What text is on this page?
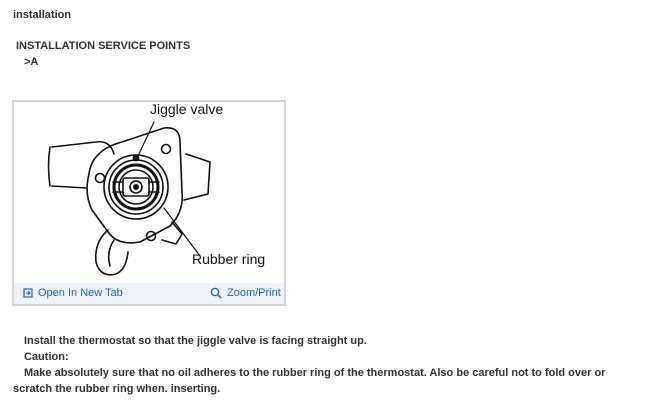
installation
INSTALLATION SERVICE POINTS
>A
Jiggle valve
Rubber ring
Open In New Tab	Zoom/Print
Install the thermostat so that the jiggle valve is facing straight up.
Caution:
Make absolutely sure that no oil adheres to the rubber ring of the thermostat. Also be careful not to fold over or scratch the rubber ring when. inserting.
